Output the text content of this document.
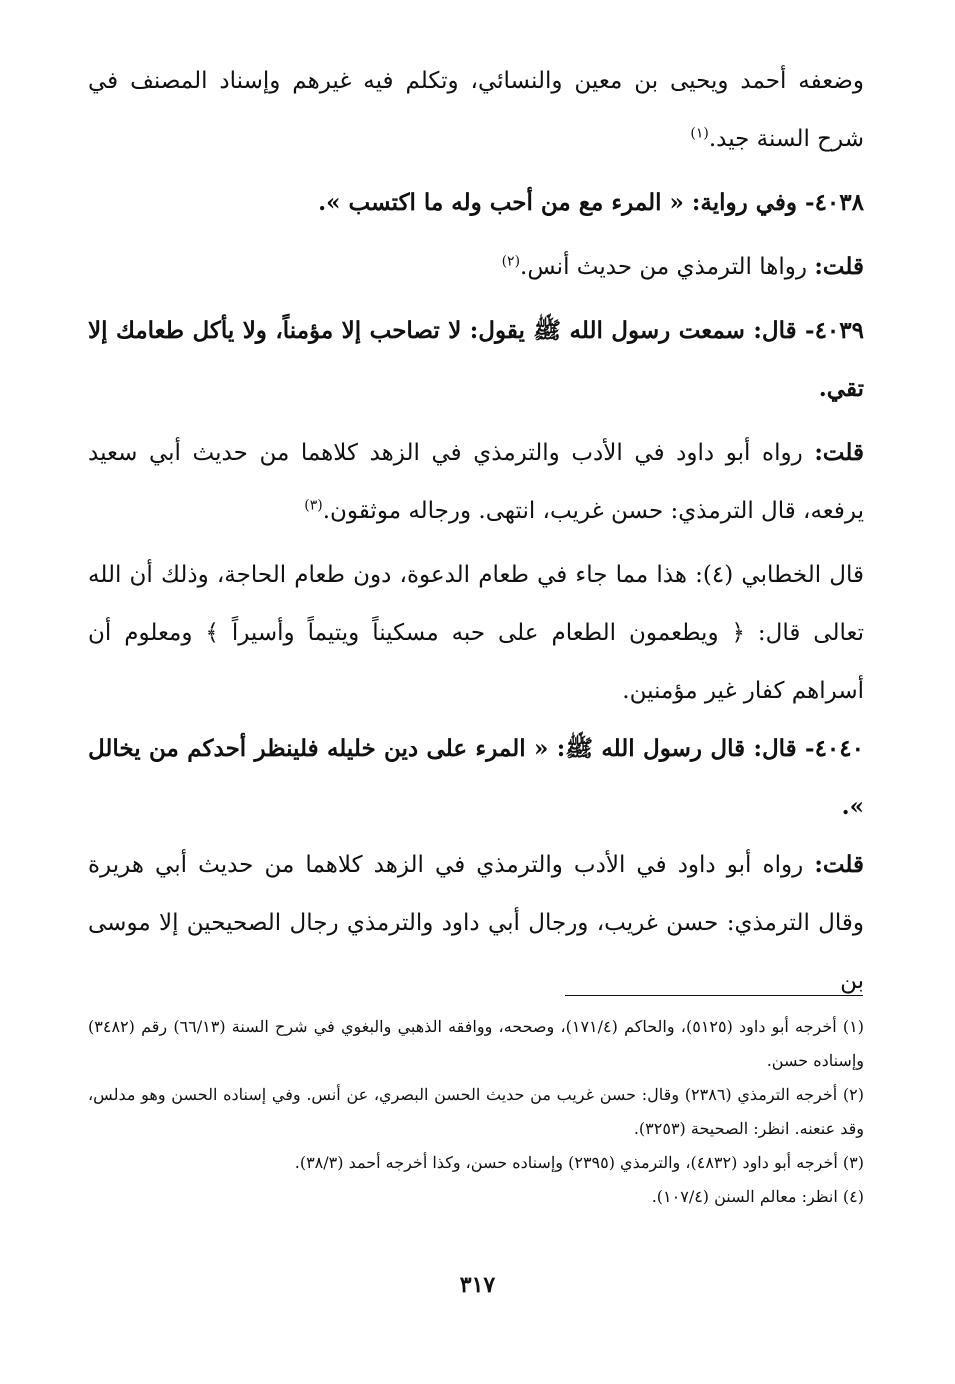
وضعفه أحمد ويحيى بن معين والنسائي، وتكلم فيه غيرهم وإسناد المصنف في شرح السنة جيد.$^{(١)}$

٤٠٣٨- وفي رواية: « المرء مع من أحب وله ما اكتسب ».

قلت: رواها الترمذي من حديث أنس.$^{(٢)}$

٤٠٣٩- قال: سمعت رسول الله ﷺ يقول: لا تصاحب إلا مؤمناً، ولا يأكل طعامك إلا تقي.

قلت: رواه أبو داود في الأدب والترمذي في الزهد كلاهما من حديث أبي سعيد يرفعه، قال الترمذي: حسن غريب، انتهى. ورجاله موثقون.$^{(٣)}$

قال الخطابي (٤): هذا مما جاء في طعام الدعوة، دون طعام الحاجة، وذلك أن الله تعالى قال: ﴿ ويطعمون الطعام على حبه مسكيناً ويتيماً وأسيراً ﴾ ومعلوم أن أسراهم كفار غير مؤمنين.

٤٠٤٠- قال: قال رسول الله ﷺ: « المرء على دين خليله فلينظر أحدكم من يخالل ».

قلت: رواه أبو داود في الأدب والترمذي في الزهد كلاهما من حديث أبي هريرة وقال الترمذي: حسن غريب، ورجال أبي داود والترمذي رجال الصحيحين إلا موسى بن

(١) أخرجه أبو داود (٥١٢٥)، والحاكم (١٧١/٤)، وصححه، ووافقه الذهبي والبغوي في شرح السنة (٦٦/١٣) رقم (٣٤٨٢) وإسناده حسن.

(٢) أخرجه الترمذي (٢٣٨٦) وقال: حسن غريب من حديث الحسن البصري، عن أنس. وفي إسناده الحسن وهو مدلس، وقد عنعنه. انظر: الصحيحة (٣٢٥٣).

(٣) أخرجه أبو داود (٤٨٣٢)، والترمذي (٢٣٩٥) وإسناده حسن، وكذا أخرجه أحمد (٣٨/٣).

(٤) انظر: معالم السنن (١٠٧/٤).

٣١٧
